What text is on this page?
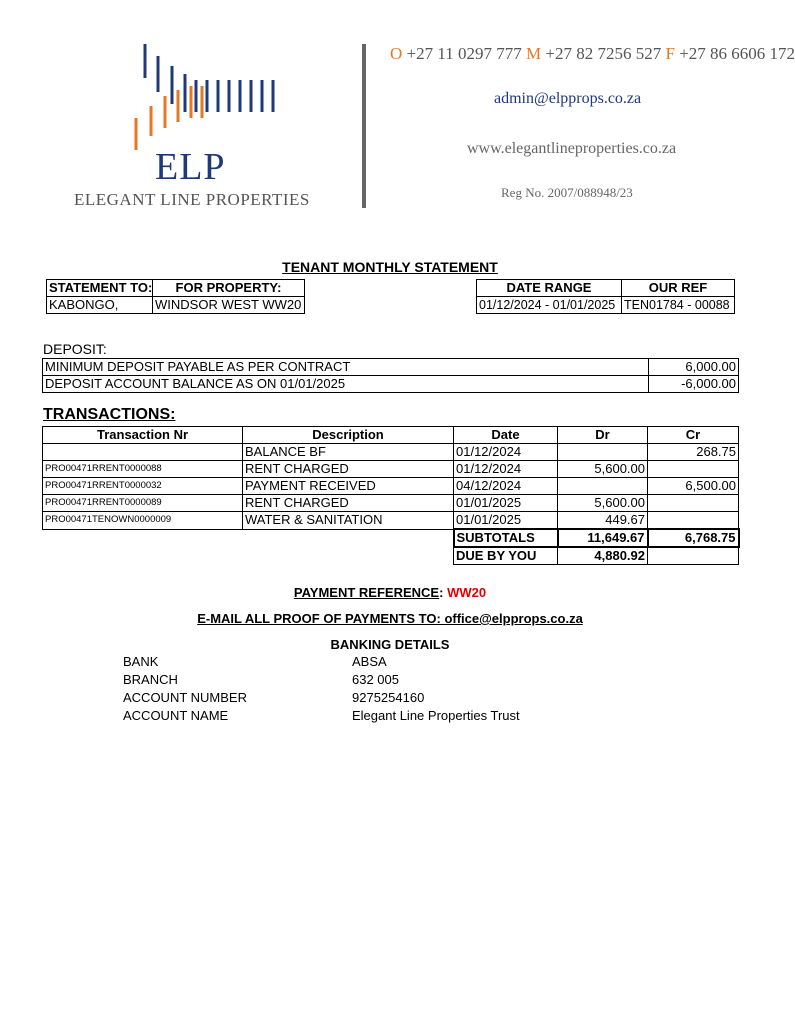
ELP
ELEGANT LINE PROPERTIES
O +27 11 0297 777 M +27 82 7256 527 F +27 86 6606 172
admin@elpprops.co.za
www.elegantlineproperties.co.za
Reg No. 2007/088948/23
TENANT MONTHLY STATEMENT
STATEMENT TO:	FOR PROPERTY:
KABONGO,	WINDSOR WEST WW20
DATE RANGE	OUR REF
01/12/2024 - 01/01/2025	TEN01784 - 00088
DEPOSIT:
MINIMUM DEPOSIT PAYABLE AS PER CONTRACT	6,000.00
DEPOSIT ACCOUNT BALANCE AS ON 01/01/2025	-6,000.00
TRANSACTIONS:
Transaction Nr	Description	Date	Dr	Cr
	BALANCE BF	01/12/2024		268.75
PRO00471RRENT0000088	RENT CHARGED	01/12/2024	5,600.00	
PRO00471RRENT0000032	PAYMENT RECEIVED	04/12/2024		6,500.00
PRO00471RRENT0000089	RENT CHARGED	01/01/2025	5,600.00	
PRO00471TENOWN0000009	WATER & SANITATION	01/01/2025	449.67	
		SUBTOTALS	11,649.67	6,768.75
		DUE BY YOU	4,880.92	
PAYMENT REFERENCE: WW20
E-MAIL ALL PROOF OF PAYMENTS TO: office@elpprops.co.za
BANKING DETAILS
BANK	ABSA
BRANCH	632 005
ACCOUNT NUMBER	9275254160
ACCOUNT NAME	Elegant Line Properties Trust
